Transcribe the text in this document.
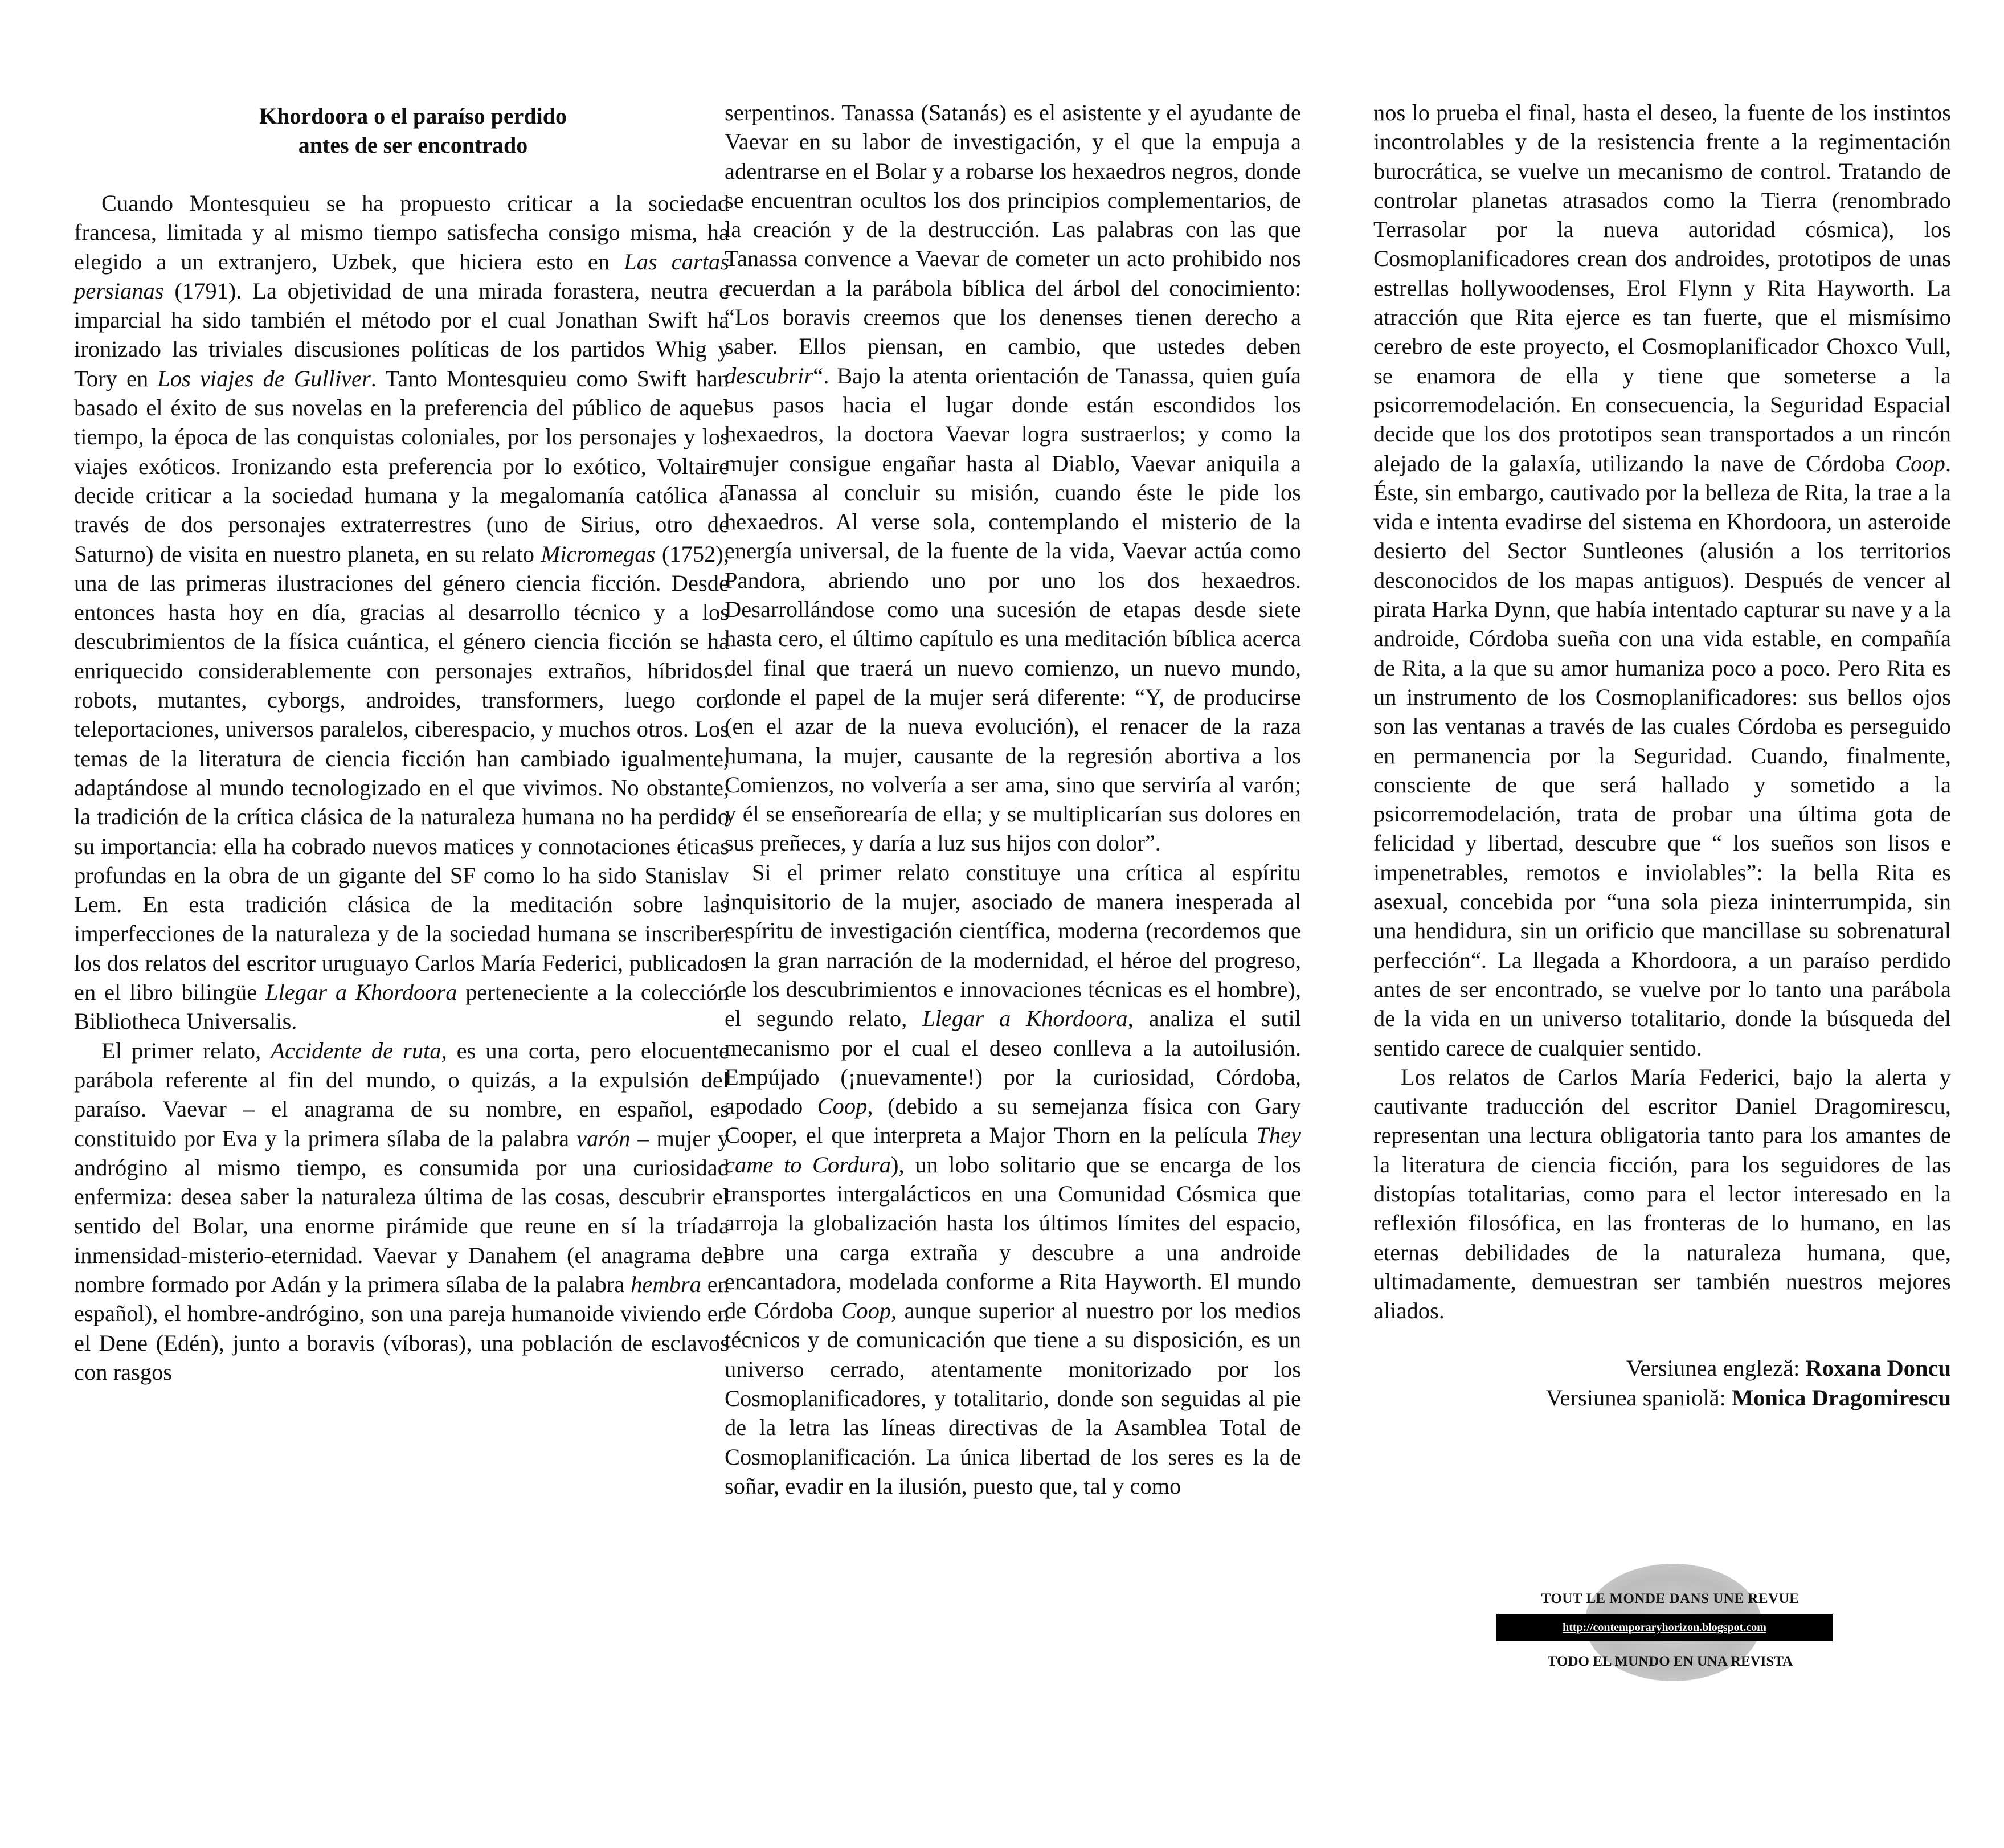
Khordoora o el paraíso perdido
antes de ser encontrado

Cuando Montesquieu se ha propuesto criticar a la sociedad francesa, limitada y al mismo tiempo satisfecha consigo misma, ha elegido a un extranjero, Uzbek, que hiciera esto en Las cartas persianas (1791). La objetividad de una mirada forastera, neutra e imparcial ha sido también el método por el cual Jonathan Swift ha ironizado las triviales discusiones políticas de los partidos Whig y Tory en Los viajes de Gulliver. Tanto Montesquieu como Swift han basado el éxito de sus novelas en la preferencia del público de aquel tiempo, la época de las conquistas coloniales, por los personajes y los viajes exóticos. Ironizando esta preferencia por lo exótico, Voltaire decide criticar a la sociedad humana y la megalomanía católica a través de dos personajes extraterrestres (uno de Sirius, otro de Saturno) de visita en nuestro planeta, en su relato Micromegas (1752), una de las primeras ilustraciones del género ciencia ficción. Desde entonces hasta hoy en día, gracias al desarrollo técnico y a los descubrimientos de la física cuántica, el género ciencia ficción se ha enriquecido considerablemente con personajes extraños, híbridos: robots, mutantes, cyborgs, androides, transformers, luego con teleportaciones, universos paralelos, ciberespacio, y muchos otros. Los temas de la literatura de ciencia ficción han cambiado igualmente, adaptándose al mundo tecnologizado en el que vivimos. No obstante, la tradición de la crítica clásica de la naturaleza humana no ha perdido su importancia: ella ha cobrado nuevos matices y connotaciones éticas profundas en la obra de un gigante del SF como lo ha sido Stanislav Lem. En esta tradición clásica de la meditación sobre las imperfecciones de la naturaleza y de la sociedad humana se inscriben los dos relatos del escritor uruguayo Carlos María Federici, publicados en el libro bilingüe Llegar a Khordoora perteneciente a la colección Bibliotheca Universalis.

El primer relato, Accidente de ruta, es una corta, pero elocuente parábola referente al fin del mundo, o quizás, a la expulsión del paraíso. Vaevar – el anagrama de su nombre, en español, es constituido por Eva y la primera sílaba de la palabra varón – mujer y andrógino al mismo tiempo, es consumida por una curiosidad enfermiza: desea saber la naturaleza última de las cosas, descubrir el sentido del Bolar, una enorme pirámide que reune en sí la tríada inmensidad-misterio-eternidad. Vaevar y Danahem (el anagrama del nombre formado por Adán y la primera sílaba de la palabra hembra en español), el hombre-andrógino, son una pareja humanoide viviendo en el Dene (Edén), junto a boravis (víboras), una población de esclavos con rasgos

serpentinos. Tanassa (Satanás) es el asistente y el ayudante de Vaevar en su labor de investigación, y el que la empuja a adentrarse en el Bolar y a robarse los hexaedros negros, donde se encuentran ocultos los dos principios complementarios, de la creación y de la destrucción. Las palabras con las que Tanassa convence a Vaevar de cometer un acto prohibido nos recuerdan a la parábola bíblica del árbol del conocimiento: “Los boravis creemos que los denenses tienen derecho a saber. Ellos piensan, en cambio, que ustedes deben descubrir“. Bajo la atenta orientación de Tanassa, quien guía sus pasos hacia el lugar donde están escondidos los hexaedros, la doctora Vaevar logra sustraerlos; y como la mujer consigue engañar hasta al Diablo, Vaevar aniquila a Tanassa al concluir su misión, cuando éste le pide los hexaedros. Al verse sola, contemplando el misterio de la energía universal, de la fuente de la vida, Vaevar actúa como Pandora, abriendo uno por uno los dos hexaedros. Desarrollándose como una sucesión de etapas desde siete hasta cero, el último capítulo es una meditación bíblica acerca del final que traerá un nuevo comienzo, un nuevo mundo, donde el papel de la mujer será diferente: “Y, de producirse (en el azar de la nueva evolución), el renacer de la raza humana, la mujer, causante de la regresión abortiva a los Comienzos, no volvería a ser ama, sino que serviría al varón; y él se enseñorearía de ella; y se multiplicarían sus dolores en sus preñeces, y daría a luz sus hijos con dolor”.

Si el primer relato constituye una crítica al espíritu inquisitorio de la mujer, asociado de manera inesperada al espíritu de investigación científica, moderna (recordemos que en la gran narración de la modernidad, el héroe del progreso, de los descubrimientos e innovaciones técnicas es el hombre), el segundo relato, Llegar a Khordoora, analiza el sutil mecanismo por el cual el deseo conlleva a la autoilusión. Empújado (¡nuevamente!) por la curiosidad, Córdoba, apodado Coop, (debido a su semejanza física con Gary Cooper, el que interpreta a Major Thorn en la película They came to Cordura), un lobo solitario que se encarga de los transportes intergalácticos en una Comunidad Cósmica que arroja la globalización hasta los últimos límites del espacio, abre una carga extraña y descubre a una androide encantadora, modelada conforme a Rita Hayworth. El mundo de Córdoba Coop, aunque superior al nuestro por los medios técnicos y de comunicación que tiene a su disposición, es un universo cerrado, atentamente monitorizado por los Cosmoplanificadores, y totalitario, donde son seguidas al pie de la letra las líneas directivas de la Asamblea Total de Cosmoplanificación. La única libertad de los seres es la de soñar, evadir en la ilusión, puesto que, tal y como

nos lo prueba el final, hasta el deseo, la fuente de los instintos incontrolables y de la resistencia frente a la regimentación burocrática, se vuelve un mecanismo de control. Tratando de controlar planetas atrasados como la Tierra (renombrado Terrasolar por la nueva autoridad cósmica), los Cosmoplanificadores crean dos androides, prototipos de unas estrellas hollywoodenses, Erol Flynn y Rita Hayworth. La atracción que Rita ejerce es tan fuerte, que el mismísimo cerebro de este proyecto, el Cosmoplanificador Choxco Vull, se enamora de ella y tiene que someterse a la psicorremodelación. En consecuencia, la Seguridad Espacial decide que los dos prototipos sean transportados a un rincón alejado de la galaxía, utilizando la nave de Córdoba Coop. Éste, sin embargo, cautivado por la belleza de Rita, la trae a la vida e intenta evadirse del sistema en Khordoora, un asteroide desierto del Sector Suntleones (alusión a los territorios desconocidos de los mapas antiguos). Después de vencer al pirata Harka Dynn, que había intentado capturar su nave y a la androide, Córdoba sueña con una vida estable, en compañía de Rita, a la que su amor humaniza poco a poco. Pero Rita es un instrumento de los Cosmoplanificadores: sus bellos ojos son las ventanas a través de las cuales Córdoba es perseguido en permanencia por la Seguridad. Cuando, finalmente, consciente de que será hallado y sometido a la psicorremodelación, trata de probar una última gota de felicidad y libertad, descubre que “ los sueños son lisos e impenetrables, remotos e inviolables”: la bella Rita es asexual, concebida por “una sola pieza ininterrumpida, sin una hendidura, sin un orificio que mancillase su sobrenatural perfección“. La llegada a Khordoora, a un paraíso perdido antes de ser encontrado, se vuelve por lo tanto una parábola de la vida en un universo totalitario, donde la búsqueda del sentido carece de cualquier sentido.

Los relatos de Carlos María Federici, bajo la alerta y cautivante traducción del escritor Daniel Dragomirescu, representan una lectura obligatoria tanto para los amantes de la literatura de ciencia ficción, para los seguidores de las distopías totalitarias, como para el lector interesado en la reflexión filosófica, en las fronteras de lo humano, en las eternas debilidades de la naturaleza humana, que, ultimadamente, demuestran ser también nuestros mejores aliados.

Versiunea engleză: Roxana Doncu
Versiunea spaniolă: Monica Dragomirescu
TOUT LE MONDE DANS UNE REVUE
http://contemporaryhorizon.blogspot.com
TODO EL MUNDO EN UNA REVISTA
